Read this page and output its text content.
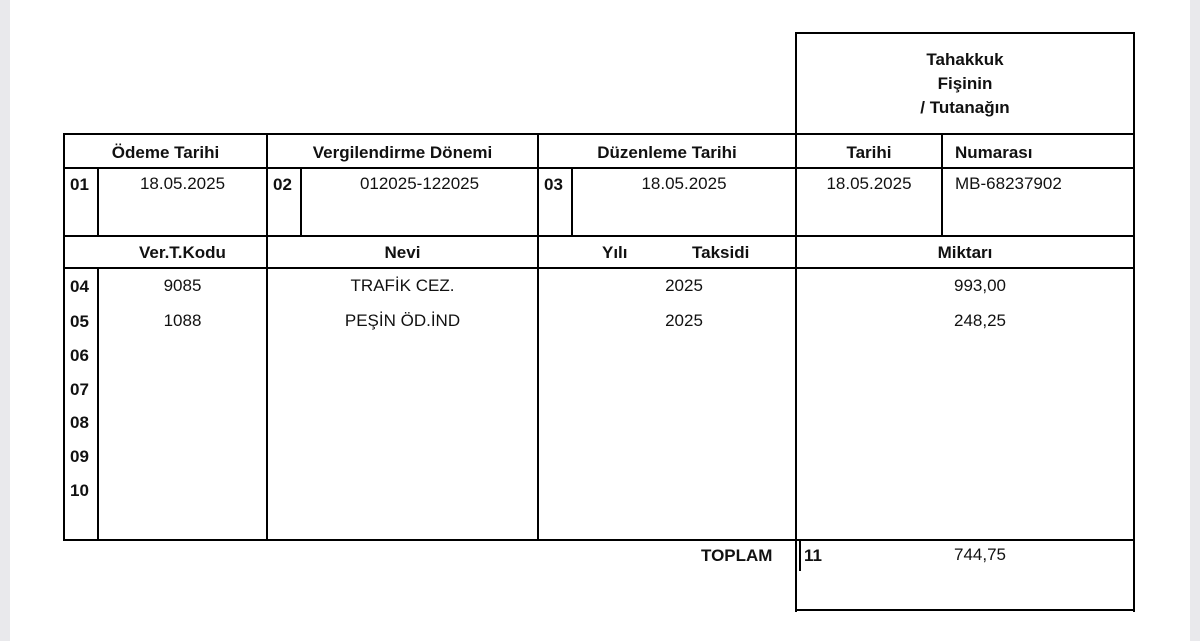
Tahakkuk
Fişinin
/ Tutanağın
Ödeme Tarihi	Vergilendirme Dönemi	Düzenleme Tarihi	Tarihi	Numarası
01	18.05.2025	02	012025-122025	03	18.05.2025	18.05.2025	MB-68237902
Ver.T.Kodu	Nevi	Yılı	Taksidi	Miktarı
04	9085	TRAFİK CEZ.	2025	993,00
05	1088	PEŞİN ÖD.İND	2025	248,25
06
07
08
09
10
TOPLAM 11	744,75
